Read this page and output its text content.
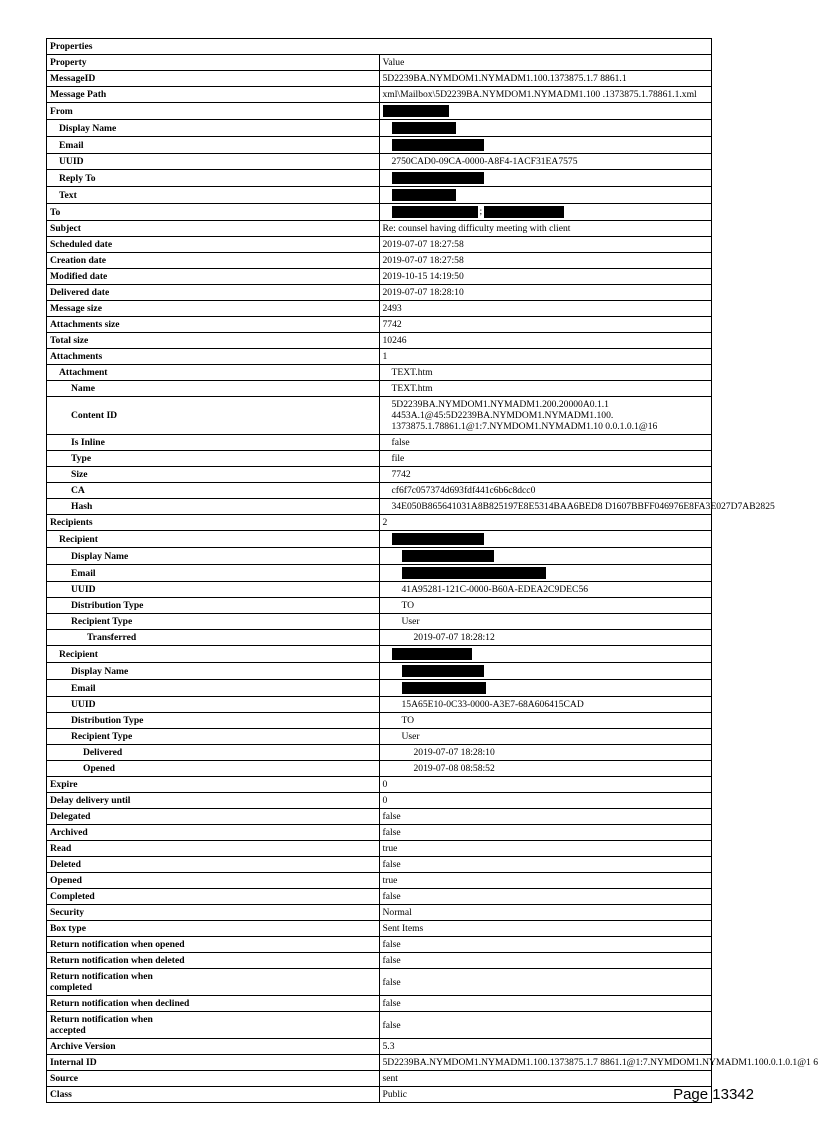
Properties	
Property	Value
MessageID	5D2239BA.NYMDOM1.NYMADM1.100.1373875.1.7 8861.1
Message Path	xml\Mailbox\5D2239BA.NYMDOM1.NYMADM1.100 .1373875.1.78861.1.xml
From	
Display Name	
Email	
UUID	2750CAD0-09CA-0000-A8F4-1ACF31EA7575
Reply To	
Text	
To	;
Subject	Re: counsel having difficulty meeting with client
Scheduled date	2019-07-07 18:27:58
Creation date	2019-07-07 18:27:58
Modified date	2019-10-15 14:19:50
Delivered date	2019-07-07 18:28:10
Message size	2493
Attachments size	7742
Total size	10246
Attachments	1
Attachment	TEXT.htm
Name	TEXT.htm
Content ID	5D2239BA.NYMDOM1.NYMADM1.200.20000A0.1.1
4453A.1@45:5D2239BA.NYMDOM1.NYMADM1.100.
1373875.1.78861.1@1:7.NYMDOM1.NYMADM1.10 0.0.1.0.1@16

Is Inline	false
Type	file
Size	7742
CA	cf6f7c057374d693fdf441c6b6c8dcc0
Hash	34E050B865641031A8B825197E8E5314BAA6BED8 D1607BBFF046976E8FA3E027D7AB2825
Recipients	2
Recipient	
Display Name	
Email	
UUID	41A95281-121C-0000-B60A-EDEA2C9DEC56
Distribution Type	TO
Recipient Type	User
Transferred	2019-07-07 18:28:12
Recipient	
Display Name	
Email	
UUID	15A65E10-0C33-0000-A3E7-68A606415CAD
Distribution Type	TO
Recipient Type	User
Delivered	2019-07-07 18:28:10
Opened	2019-07-08 08:58:52
Expire	0
Delay delivery until	0
Delegated	false
Archived	false
Read	true
Deleted	false
Opened	true
Completed	false
Security	Normal
Box type	Sent Items
Return notification when opened	false
Return notification when deleted	false

Return notification when
completed	false
Return notification when declined	false

Return notification when
accepted	false
Archive Version	5.3
Internal ID	5D2239BA.NYMDOM1.NYMADM1.100.1373875.1.7 8861.1@1:7.NYMDOM1.NYMADM1.100.0.1.0.1@1 6
Source	sent
Class	Public	Page 13342
